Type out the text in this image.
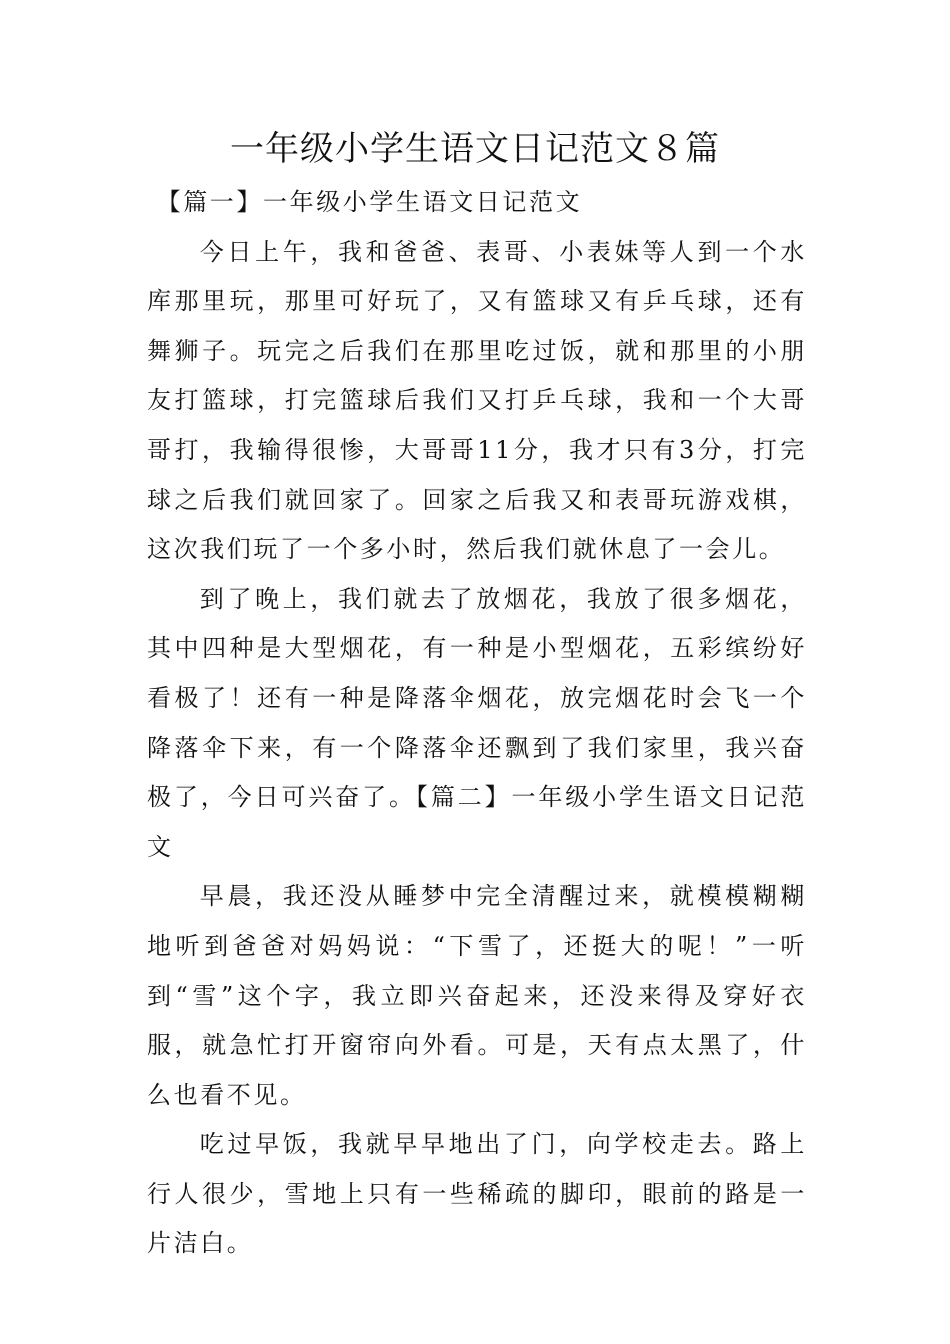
一年级小学生语文日记范文８篇

【篇一】一年级小学生语文日记范文

今日上午，我和爸爸、表哥、小表妹等人到一个水库那里玩，那里可好玩了，又有篮球又有乒乓球，还有舞狮子。玩完之后我们在那里吃过饭，就和那里的小朋友打篮球，打完篮球后我们又打乒乓球，我和一个大哥哥打，我输得很惨，大哥哥11分，我才只有3分，打完球之后我们就回家了。回家之后我又和表哥玩游戏棋，这次我们玩了一个多小时，然后我们就休息了一会儿。

到了晚上，我们就去了放烟花，我放了很多烟花，其中四种是大型烟花，有一种是小型烟花，五彩缤纷好看极了！还有一种是降落伞烟花，放完烟花时会飞一个降落伞下来，有一个降落伞还飘到了我们家里，我兴奋极了，今日可兴奋了。【篇二】一年级小学生语文日记范文

早晨，我还没从睡梦中完全清醒过来，就模模糊糊地听到爸爸对妈妈说：“下雪了，还挺大的呢！”一听到“雪”这个字，我立即兴奋起来，还没来得及穿好衣服，就急忙打开窗帘向外看。可是，天有点太黑了，什么也看不见。

吃过早饭，我就早早地出了门，向学校走去。路上行人很少，雪地上只有一些稀疏的脚印，眼前的路是一片洁白。
